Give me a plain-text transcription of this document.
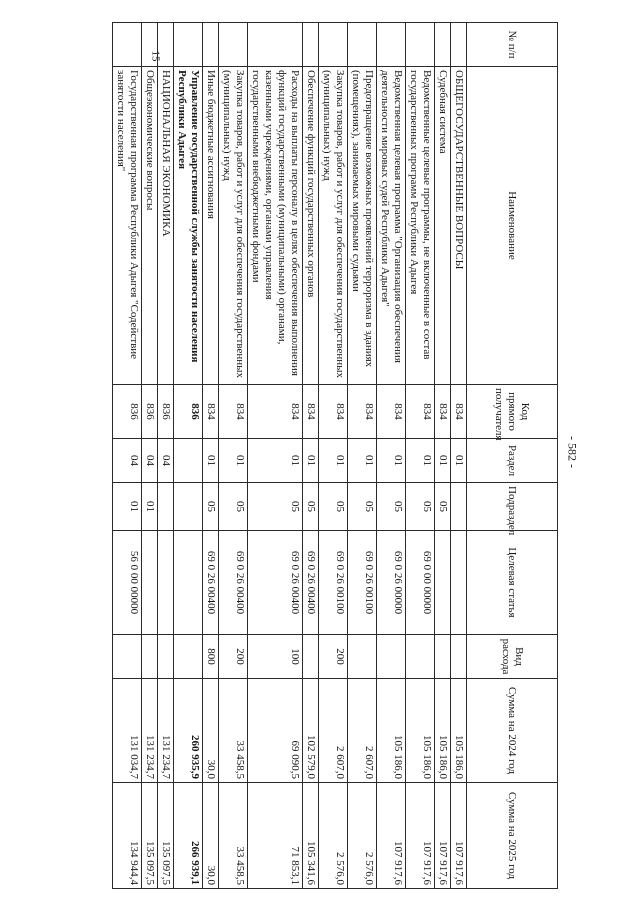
- 582 -
15	№ п/п	Наименование	Код прямого получателя	Раздел	Подраздел	Целевая статья	Вид расхода	Сумма на 2024 год	Сумма на 2025 год
	ОБЩЕГОСУДАРСТВЕННЫЕ ВОПРОСЫ	834	01				105 186,0	107 917,6
	Судебная система	834	01	05			105 186,0	107 917,6
	Ведомственные целевые программы, не включенные в состав государственных программ Республики Адыгея	834	01	05	69 0 00 00000		105 186,0	107 917,6
	Ведомственная целевая программа "Организация обеспечения деятельности мировых судей Республики Адыгея"	834	01	05	69 0 26 00000		105 186,0	107 917,6
	Предотвращение возможных проявлений терроризма в зданиях (помещениях), занимаемых мировыми судьями	834	01	05	69 0 26 00100		2 607,0	2 576,0
	Закупка товаров, работ и услуг для обеспечения государственных (муниципальных) нужд	834	01	05	69 0 26 00100	200	2 607,0	2 576,0
	Обеспечение функций государственных органов	834	01	05	69 0 26 00400		102 579,0	105 341,6
	Расходы на выплаты персоналу в целях обеспечения выполнения функций государственными (муниципальными) органами, казенными учреждениями, органами управления государственными внебюджетными фондами	834	01	05	69 0 26 00400	100	69 090,5	71 853,1
	Закупка товаров, работ и услуг для обеспечения государственных (муниципальных) нужд	834	01	05	69 0 26 00400	200	33 458,5	33 458,5
	Иные бюджетные ассигнования	834	01	05	69 0 26 00400	800	30,0	30,0
	Управление государственной службы занятости населения Республики Адыгея	836					260 935,9	266 939,1
	НАЦИОНАЛЬНАЯ ЭКОНОМИКА	836	04				131 234,7	135 097,5
	Общеэкономические вопросы	836	04	01			131 234,7	135 097,5
	Государственная программа Республики Адыгея "Содействие занятости населения"	836	04	01	56 0 00 00000		131 034,7	134 944,4
